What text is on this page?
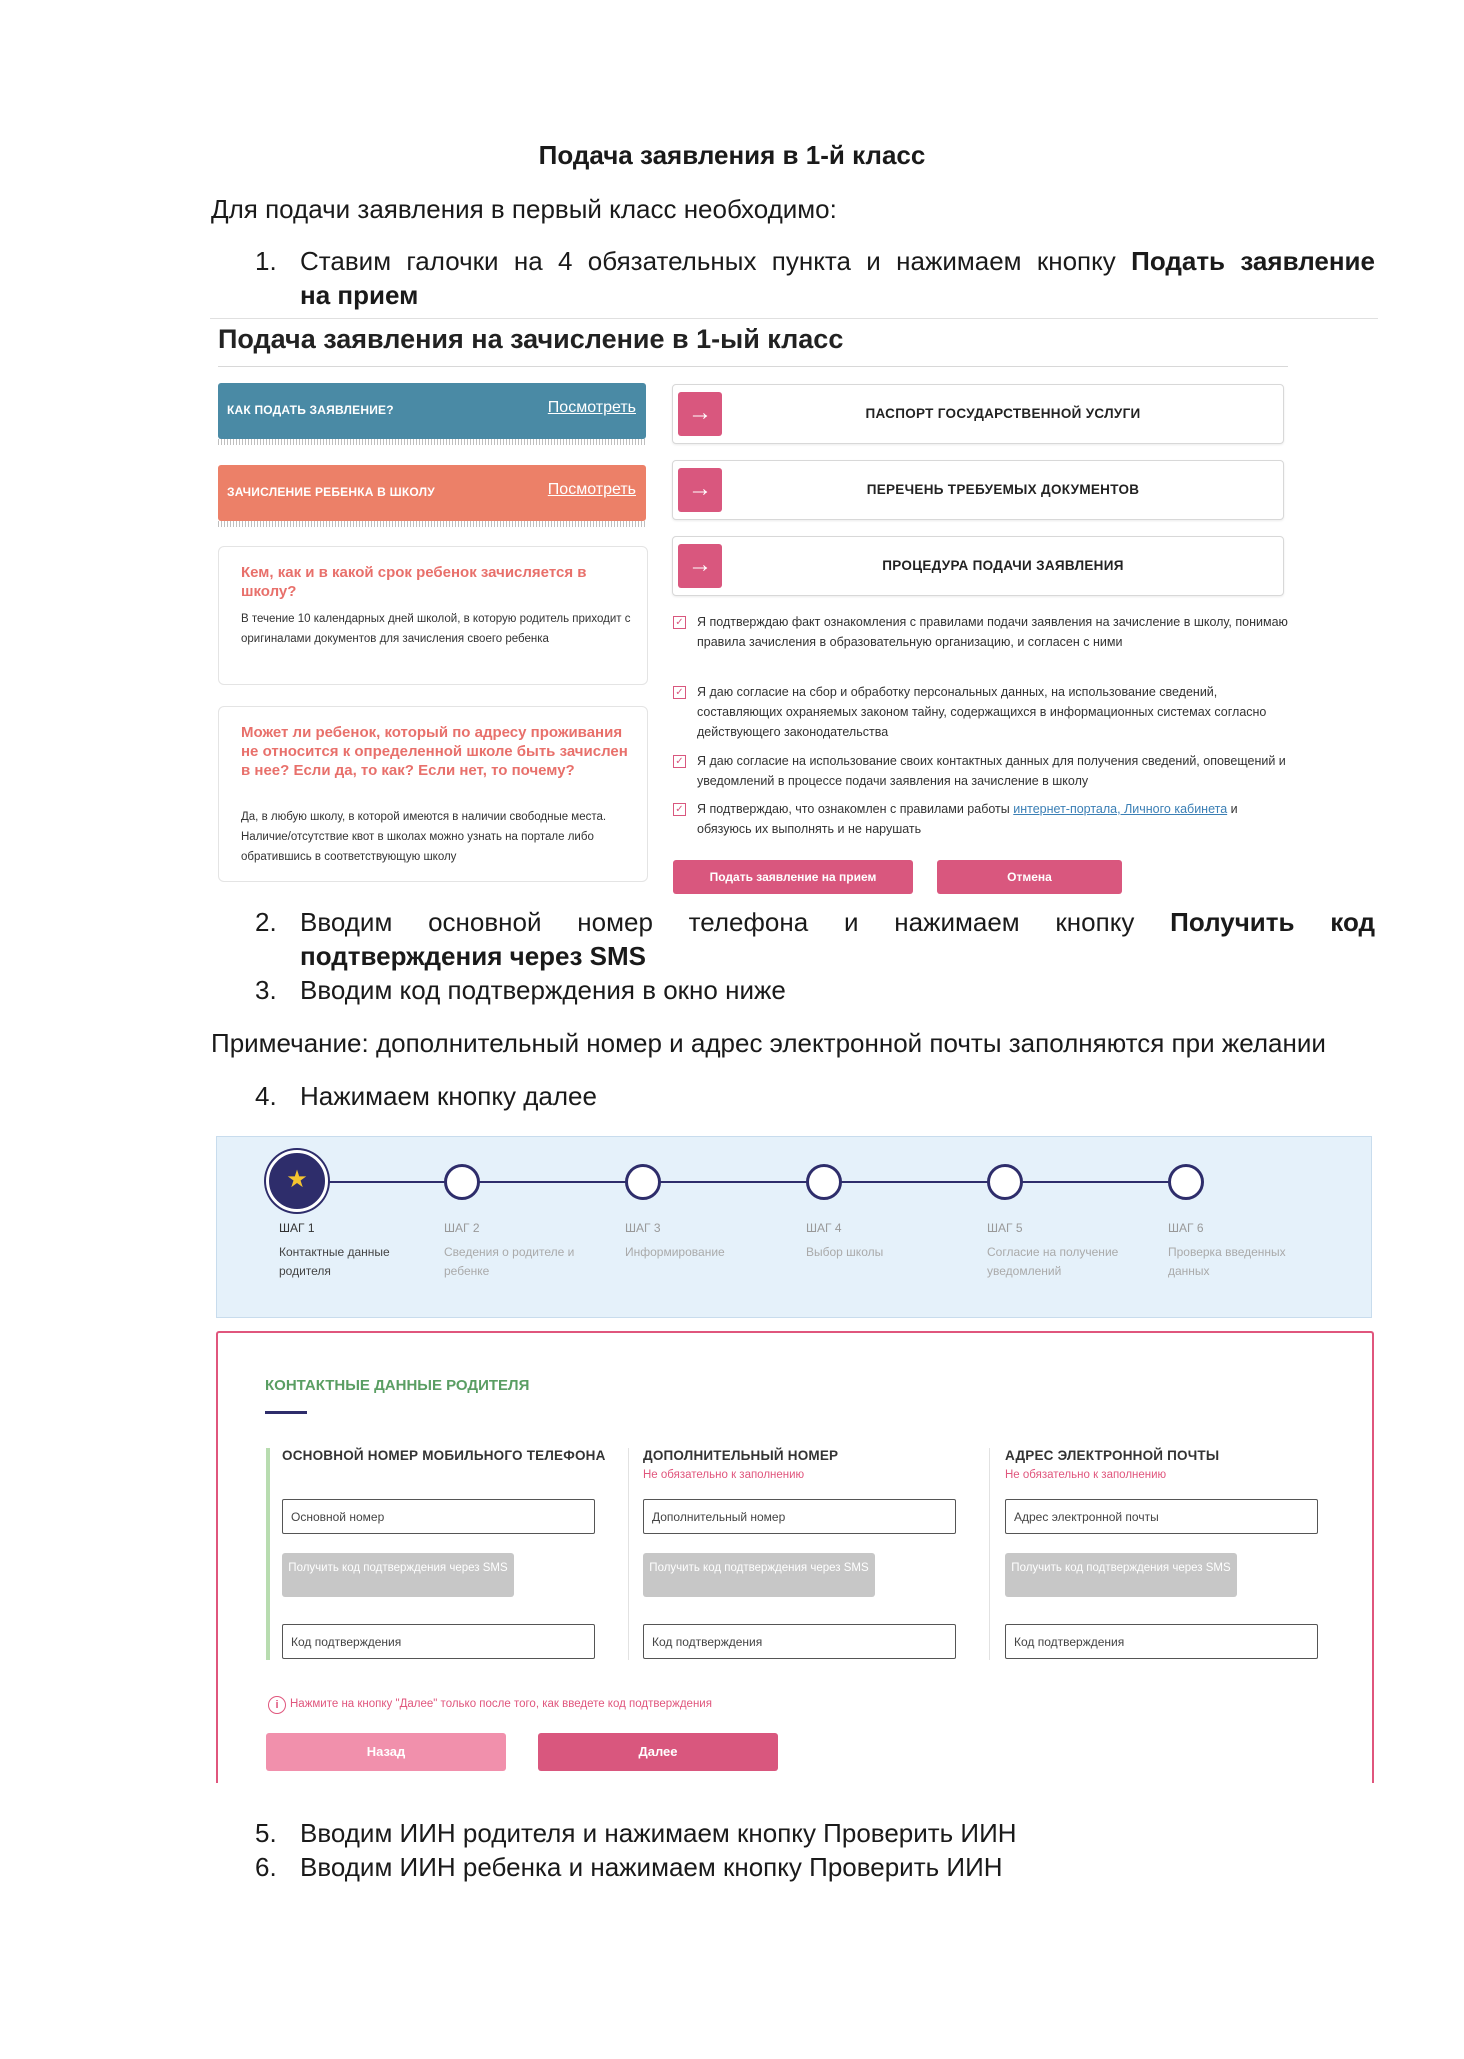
Подача заявления в 1-й класс
Для подачи заявления в первый класс необходимо:
1. Ставим галочки на 4 обязательных пункта и нажимаем кнопку Подать заявление
на прием
Подача заявления на зачисление в 1-ый класс
КАК ПОДАТЬ ЗАЯВЛЕНИЕ?	Посмотреть
ЗАЧИСЛЕНИЕ РЕБЕНКА В ШКОЛУ	Посмотреть
Кем, как и в какой срок ребенок зачисляется в школу?
В течение 10 календарных дней школой, в которую родитель приходит с оригиналами документов для зачисления своего ребенка
Может ли ребенок, который по адресу проживания не относится к определенной школе быть зачислен в нее? Если да, то как? Если нет, то почему?
Да, в любую школу, в которой имеются в наличии свободные места. Наличие/отсутствие квот в школах можно узнать на портале либо обратившись в соответствующую школу
→	ПАСПОРТ ГОСУДАРСТВЕННОЙ УСЛУГИ
→	ПЕРЕЧЕНЬ ТРЕБУЕМЫХ ДОКУМЕНТОВ
→	ПРОЦЕДУРА ПОДАЧИ ЗАЯВЛЕНИЯ
✓ Я подтверждаю факт ознакомления с правилами подачи заявления на зачисление в школу, понимаю правила зачисления в образовательную организацию, и согласен с ними
✓ Я даю согласие на сбор и обработку персональных данных, на использование сведений, составляющих охраняемых законом тайну, содержащихся в информационных системах согласно действующего законодательства
✓ Я даю согласие на использование своих контактных данных для получения сведений, оповещений и уведомлений в процессе подачи заявления на зачисление в школу
✓ Я подтверждаю, что ознакомлен с правилами работы интернет-портала, Личного кабинета и обязуюсь их выполнять и не нарушать
Подать заявление на прием	Отмена
2. Вводим основной номер телефона и нажимаем кнопку Получить код
подтверждения через SMS
3. Вводим код подтверждения в окно ниже
Примечание: дополнительный номер и адрес электронной почты заполняются при желании
4. Нажимаем кнопку далее
★
ШАГ 1
Контактные данные родителя
ШАГ 2
Сведения о родителе и ребенке
ШАГ 3
Информирование
ШАГ 4
Выбор школы
ШАГ 5
Согласие на получение уведомлений
ШАГ 6
Проверка введенных данных
КОНТАКТНЫЕ ДАННЫЕ РОДИТЕЛЯ
ОСНОВНОЙ НОМЕР МОБИЛЬНОГО ТЕЛЕФОНА
Основной номер
Получить код подтверждения через SMS
Код подтверждения
ДОПОЛНИТЕЛЬНЫЙ НОМЕР
Не обязательно к заполнению
Дополнительный номер
Получить код подтверждения через SMS
Код подтверждения
АДРЕС ЭЛЕКТРОННОЙ ПОЧТЫ
Не обязательно к заполнению
Адрес электронной почты
Получить код подтверждения через SMS
Код подтверждения
i Нажмите на кнопку "Далее" только после того, как введете код подтверждения
Назад	Далее
5. Вводим ИИН родителя и нажимаем кнопку Проверить ИИН
6. Вводим ИИН ребенка и нажимаем кнопку Проверить ИИН
